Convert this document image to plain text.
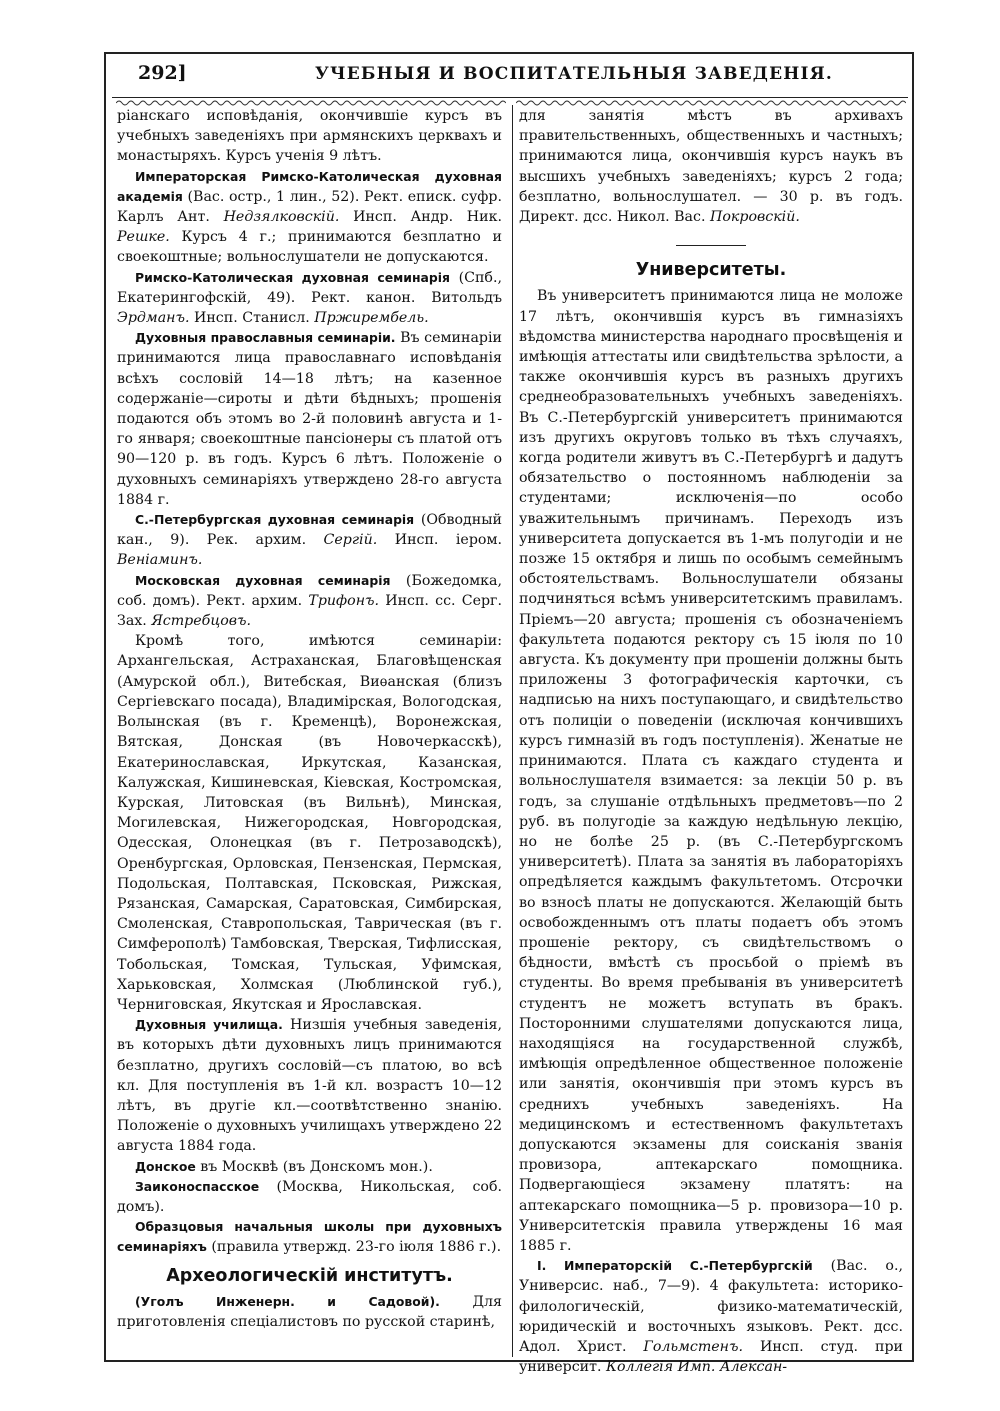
292]	УЧЕБНЫЯ И ВОСПИТАТЕЛЬНЫЯ ЗАВЕДЕНІЯ.

ріанскаго исповѣданія, окончившіе курсъ въ учебныхъ заведеніяхъ при армянскихъ церквахъ и монастыряхъ. Курсъ ученія 9 лѣтъ.

Императорская Римско-Католическая духовная академія (Вас. остр., 1 лин., 52). Рект. еписк. суфр. Карлъ Ант. Недзялковскій. Инсп. Андр. Ник. Решке. Курсъ 4 г.; принимаются безплатно и своекоштные; вольнослушатели не допускаются.

Римско-Католическая духовная семинарія (Спб., Екатерингофскій, 49). Рект. канон. Витольдъ Эрдманъ. Инсп. Станисл. Пржирембель.

Духовныя православныя семинаріи. Въ семинаріи принимаются лица православнаго исповѣданія всѣхъ сословій 14—18 лѣтъ; на казенное содержаніе—сироты и дѣти бѣдныхъ; прошенія подаются объ этомъ во 2-й половинѣ августа и 1-го января; своекоштные пансіонеры съ платой отъ 90—120 р. въ годъ. Курсъ 6 лѣтъ. Положеніе о духовныхъ семинаріяхъ утверждено 28-го августа 1884 г.

С.-Петербургская духовная семинарія (Обводный кан., 9). Рек. архим. Сергій. Инсп. іером. Веніаминъ.

Московская духовная семинарія (Божедомка, соб. домъ). Рект. архим. Трифонъ. Инсп. сс. Серг. Зах. Ястребцовъ.

Кромѣ того, имѣются семинаріи: Архангельская, Астраханская, Благовѣщенская (Амурской обл.), Витебская, Виѳанская (близъ Сергіевскаго посада), Владимірская, Вологодская, Волынская (въ г. Кременцѣ), Воронежская, Вятская, Донская (въ Новочеркасскѣ), Екатеринославская, Иркутская, Казанская, Калужская, Кишиневская, Кіевская, Костромская, Курская, Литовская (въ Вильнѣ), Минская, Могилевская, Нижегородская, Новгородская, Одесская, Олонецкая (въ г. Петрозаводскѣ), Оренбургская, Орловская, Пензенская, Пермская, Подольская, Полтавская, Псковская, Рижская, Рязанская, Самарская, Саратовская, Симбирская, Смоленская, Ставропольская, Таврическая (въ г. Симферополѣ) Тамбовская, Тверская, Тифлисская, Тобольская, Томская, Тульская, Уфимская, Харьковская, Холмская (Люблинской губ.), Черниговская, Якутская и Ярославская.

Духовныя училища. Низшія учебныя заведенія, въ которыхъ дѣти духовныхъ лицъ принимаются безплатно, другихъ сословій—съ платою, во всѣ кл. Для поступленія въ 1-й кл. возрастъ 10—12 лѣтъ, въ другіе кл.—соотвѣтственно знанію. Положеніе о духовныхъ училищахъ утверждено 22 августа 1884 года.

Донское въ Москвѣ (въ Донскомъ мон.).

Заиконоспасское (Москва, Никольская, соб. домъ).

Образцовыя начальныя школы при духовныхъ семинаріяхъ (правила утвержд. 23-го іюля 1886 г.).

Археологическій институтъ.

(Уголъ Инженерн. и Садовой). Для приготовленія спеціалистовъ по русской старинѣ,

для занятія мѣстъ въ архивахъ правительственныхъ, общественныхъ и частныхъ; принимаются лица, окончившія курсъ наукъ въ высшихъ учебныхъ заведеніяхъ; курсъ 2 года; безплатно, вольнослушател. — 30 р. въ годъ. Директ. дсс. Никол. Вас. Покровскій.

Университеты.

Въ университетъ принимаются лица не моложе 17 лѣтъ, окончившія курсъ въ гимназіяхъ вѣдомства министерства народнаго просвѣщенія и имѣющія аттестаты или свидѣтельства зрѣлости, а также окончившія курсъ въ разныхъ другихъ среднеобразовательныхъ учебныхъ заведеніяхъ. Въ С.-Петербургскій университетъ принимаются изъ другихъ округовъ только въ тѣхъ случаяхъ, когда родители живутъ въ С.-Петербургѣ и дадутъ обязательство о постоянномъ наблюденіи за студентами; исключенія—по особо уважительнымъ причинамъ. Переходъ изъ университета допускается въ 1-мъ полугодіи и не позже 15 октября и лишь по особымъ семейнымъ обстоятельствамъ. Вольнослушатели обязаны подчиняться всѣмъ университетскимъ правиламъ. Пріемъ—20 августа; прошенія съ обозначеніемъ факультета подаются ректору съ 15 іюля по 10 августа. Къ документу при прошеніи должны быть приложены 3 фотографическія карточки, съ надписью на нихъ поступающаго, и свидѣтельство отъ полиціи о поведеніи (исключая кончившихъ курсъ гимназій въ годъ поступленія). Женатые не принимаются. Плата съ каждаго студента и вольнослушателя взимается: за лекціи 50 р. въ годъ, за слушаніе отдѣльныхъ предметовъ—по 2 руб. въ полугодіе за каждую недѣльную лекцію, но не болѣе 25 р. (въ С.-Петербургскомъ университетѣ). Плата за занятія въ лабораторіяхъ опредѣляется каждымъ факультетомъ. Отсрочки во взносѣ платы не допускаются. Желающій быть освобожденнымъ отъ платы подаетъ объ этомъ прошеніе ректору, съ свидѣтельствомъ о бѣдности, вмѣстѣ съ просьбой о пріемѣ въ студенты. Во время пребыванія въ университетѣ студентъ не можетъ вступать въ бракъ. Посторонними слушателями допускаются лица, находящіяся на государственной службѣ, имѣющія опредѣленное общественное положеніе или занятія, окончившія при этомъ курсъ въ среднихъ учебныхъ заведеніяхъ. На медицинскомъ и естественномъ факультетахъ допускаются экзамены для соисканія званія провизора, аптекарскаго помощника. Подвергающіеся экзамену платятъ: на аптекарскаго помощника—5 р. провизора—10 р. Университетскія правила утверждены 16 мая 1885 г.

I. Императорскій С.-Петербургскій (Вас. о., Универсис. наб., 7—9). 4 факультета: историко-филологическій, физико-математическій, юридическій и восточныхъ языковъ. Рект. дсс. Адол. Христ. Гольмстенъ. Инсп. студ. при университ. Коллегія Имп. Алексан-
